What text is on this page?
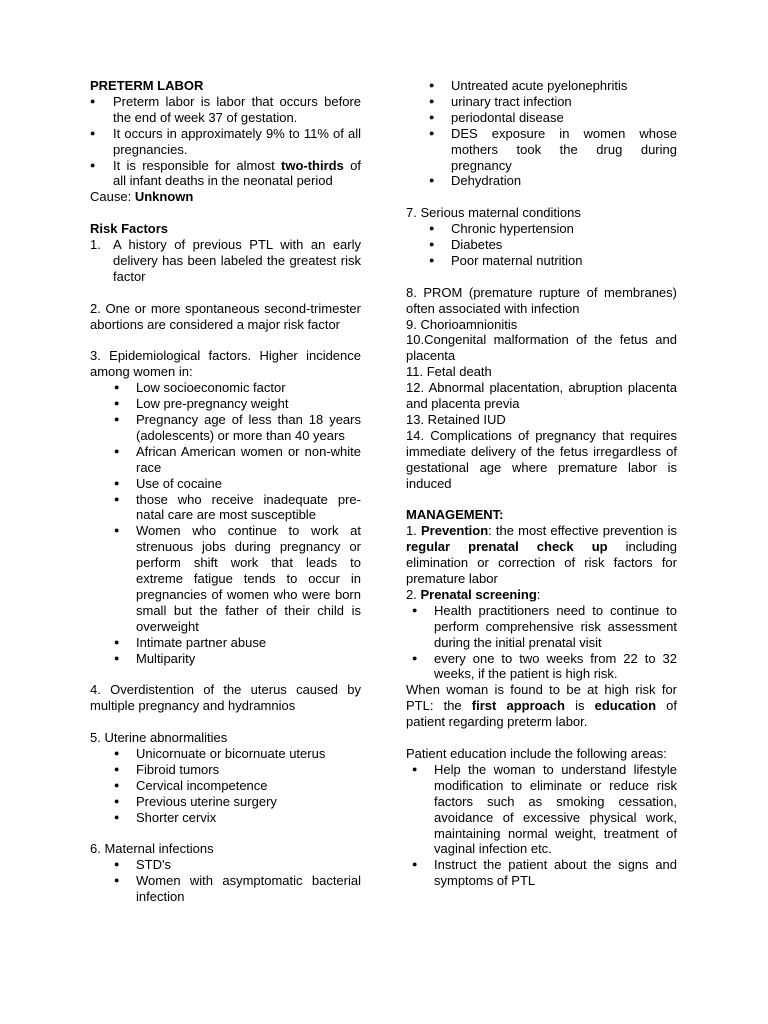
PRETERM LABOR

● Preterm labor is labor that occurs before the end of week 37 of gestation.
● It occurs in approximately 9% to 11% of all pregnancies.
● It is responsible for almost two-thirds of all infant deaths in the neonatal period

Cause: Unknown

Risk Factors

1. A history of previous PTL with an early delivery has been labeled the greatest risk factor

2. One or more spontaneous second-trimester abortions are considered a major risk factor

3. Epidemiological factors. Higher incidence among women in:

● Low socioeconomic factor
● Low pre-pregnancy weight
● Pregnancy age of less than 18 years (adolescents) or more than 40 years
● African American women or non-white race
● Use of cocaine
● those who receive inadequate pre-natal care are most susceptible
● Women who continue to work at strenuous jobs during pregnancy or perform shift work that leads to extreme fatigue tends to occur in pregnancies of women who were born small but the father of their child is overweight
● Intimate partner abuse
● Multiparity

4. Overdistention of the uterus caused by multiple pregnancy and hydramnios

5. Uterine abnormalities

● Unicornuate or bicornuate uterus
● Fibroid tumors
● Cervical incompetence
● Previous uterine surgery
● Shorter cervix

6. Maternal infections

● STD's
● Women with asymptomatic bacterial infection
● Untreated acute pyelonephritis
● urinary tract infection
● periodontal disease
● DES exposure in women whose mothers took the drug during pregnancy
● Dehydration

7. Serious maternal conditions

● Chronic hypertension
● Diabetes
● Poor maternal nutrition

8. PROM (premature rupture of membranes) often associated with infection

9. Chorioamnionitis

10.Congenital malformation of the fetus and placenta

11. Fetal death

12. Abnormal placentation, abruption placenta and placenta previa

13. Retained IUD

14. Complications of pregnancy that requires immediate delivery of the fetus irregardless of gestational age where premature labor is induced

MANAGEMENT:

1. Prevention: the most effective prevention is regular prenatal check up including elimination or correction of risk factors for premature labor

2. Prenatal screening:

● Health practitioners need to continue to perform comprehensive risk assessment during the initial prenatal visit
● every one to two weeks from 22 to 32 weeks, if the patient is high risk.

When woman is found to be at high risk for PTL: the first approach is education of patient regarding preterm labor.

Patient education include the following areas:

● Help the woman to understand lifestyle modification to eliminate or reduce risk factors such as smoking cessation, avoidance of excessive physical work, maintaining normal weight, treatment of vaginal infection etc.
● Instruct the patient about the signs and symptoms of PTL
